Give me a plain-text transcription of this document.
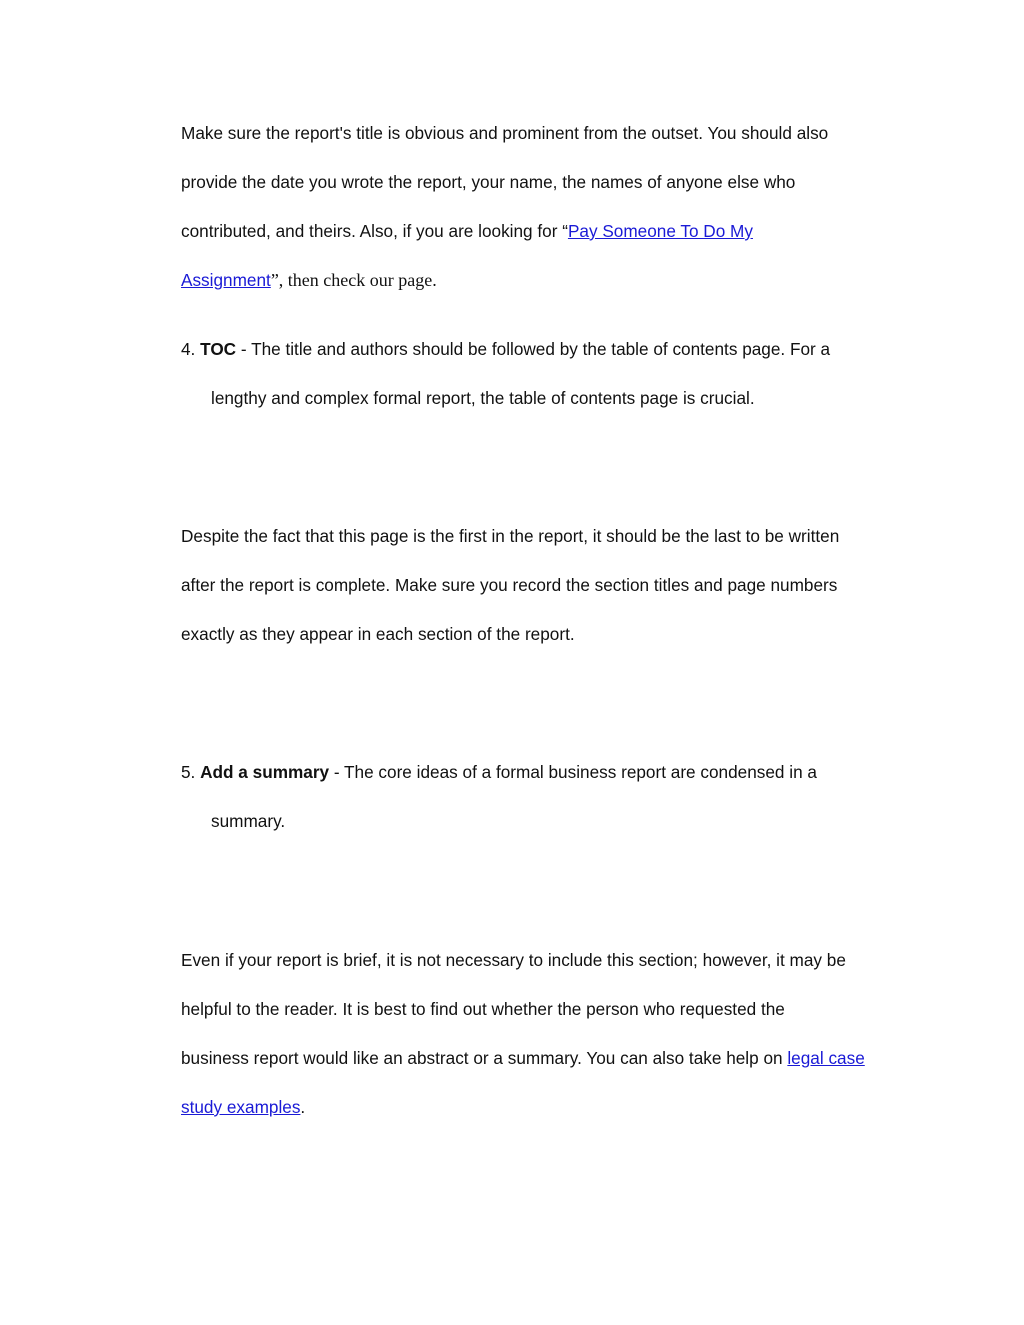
Make sure the report's title is obvious and prominent from the outset. You should also
provide the date you wrote the report, your name, the names of anyone else who
contributed, and theirs. Also, if you are looking for “Pay Someone To Do My
Assignment”, then check our page.
4. TOC - The title and authors should be followed by the table of contents page. For a
lengthy and complex formal report, the table of contents page is crucial.
Despite the fact that this page is the first in the report, it should be the last to be written
after the report is complete. Make sure you record the section titles and page numbers
exactly as they appear in each section of the report.
5. Add a summary - The core ideas of a formal business report are condensed in a
summary.
Even if your report is brief, it is not necessary to include this section; however, it may be
helpful to the reader. It is best to find out whether the person who requested the
business report would like an abstract or a summary. You can also take help on legal case
study examples.
